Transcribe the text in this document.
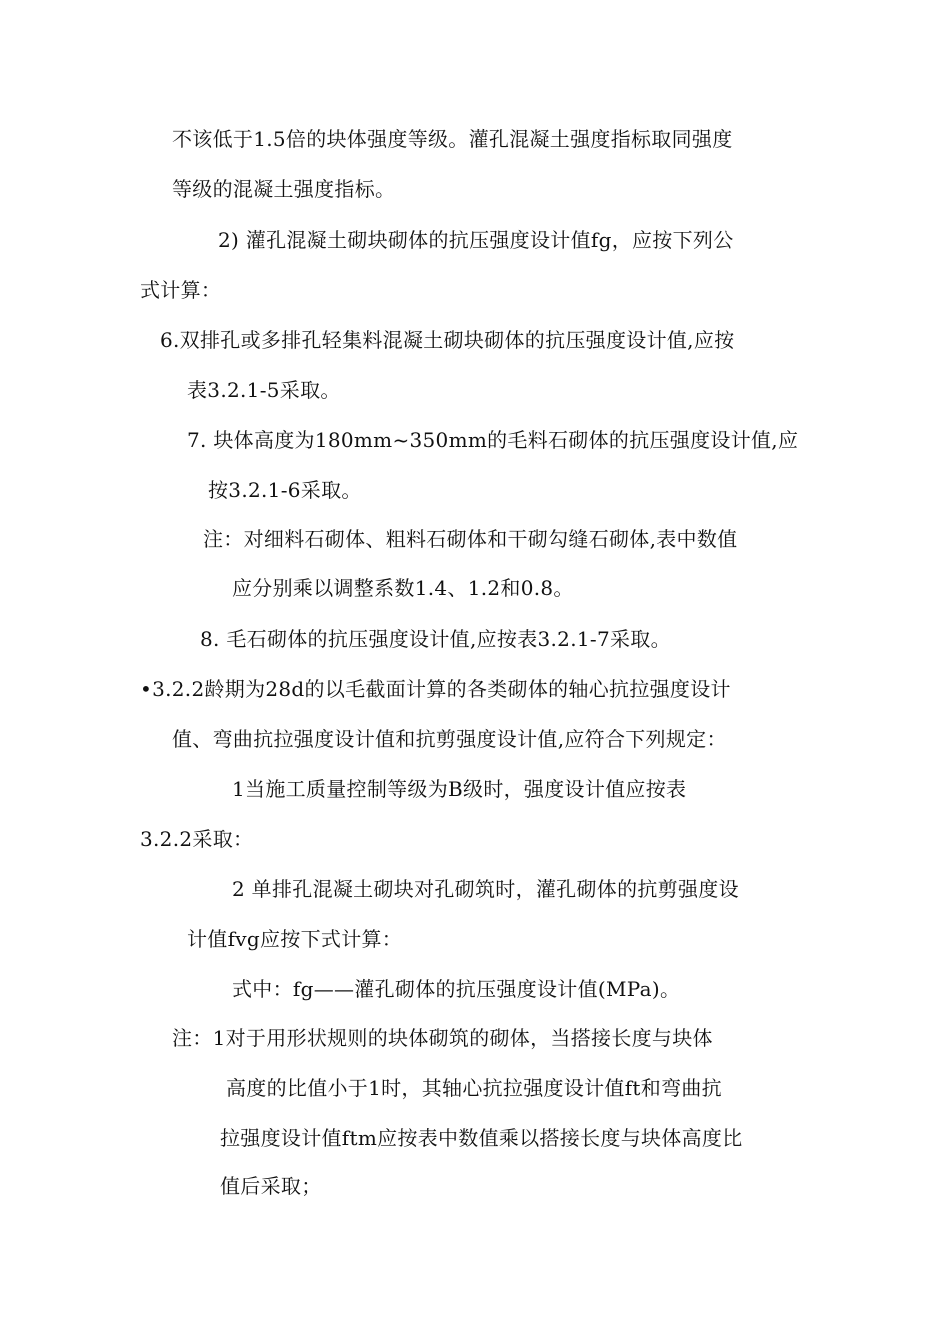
不该低于1.5倍的块体强度等级。灌孔混凝土强度指标取同强度
等级的混凝土强度指标。
2) 灌孔混凝土砌块砌体的抗压强度设计值fg，应按下列公
式计算：
6.双排孔或多排孔轻集料混凝土砌块砌体的抗压强度设计值,应按
表3.2.1-5采取。
7. 块体高度为180mm~350mm的毛料石砌体的抗压强度设计值,应
按3.2.1-6采取。
注：对细料石砌体、粗料石砌体和干砌勾缝石砌体,表中数值
应分别乘以调整系数1.4、1.2和0.8。
8. 毛石砌体的抗压强度设计值,应按表3.2.1-7采取。
•3.2.2龄期为28d的以毛截面计算的各类砌体的轴心抗拉强度设计
值、弯曲抗拉强度设计值和抗剪强度设计值,应符合下列规定：
1当施工质量控制等级为B级时，强度设计值应按表
3.2.2采取：
2 单排孔混凝土砌块对孔砌筑时，灌孔砌体的抗剪强度设
计值fvg应按下式计算：
式中：fg——灌孔砌体的抗压强度设计值(MPa)。
注：1对于用形状规则的块体砌筑的砌体，当搭接长度与块体
高度的比值小于1时，其轴心抗拉强度设计值ft和弯曲抗
拉强度设计值ftm应按表中数值乘以搭接长度与块体高度比
值后采取；
